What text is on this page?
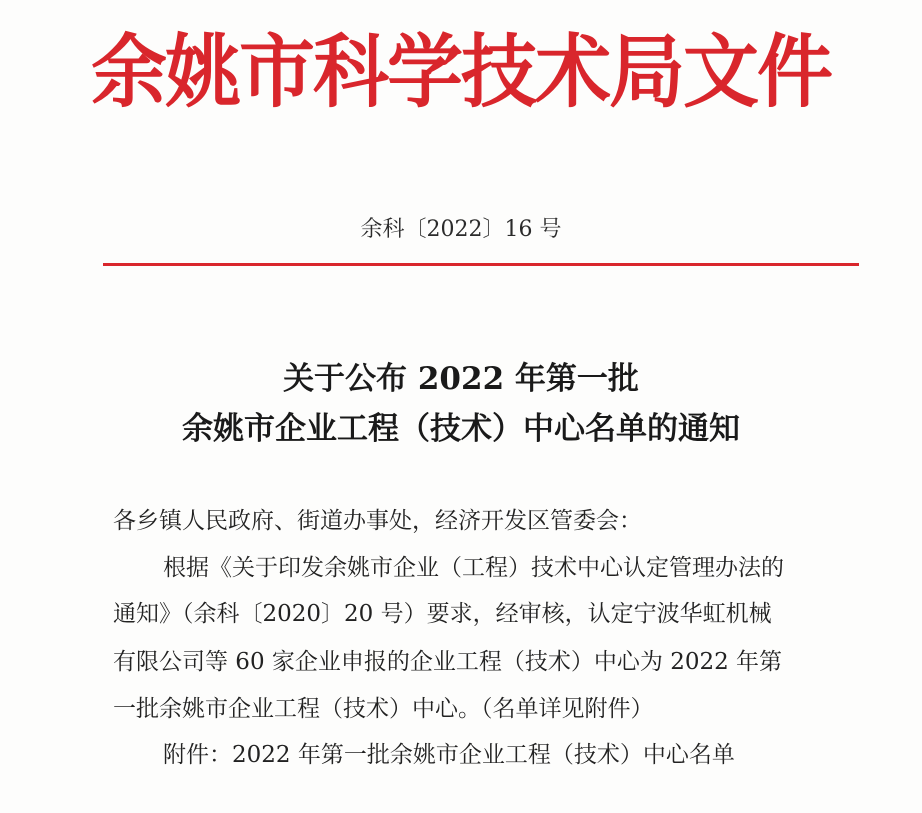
余姚市科学技术局文件
余科〔2022〕16 号
关于公布 2022 年第一批
余姚市企业工程（技术）中心名单的通知
各乡镇人民政府、街道办事处，经济开发区管委会：
根据《关于印发余姚市企业（工程）技术中心认定管理办法的
通知》（余科〔2020〕20 号）要求，经审核，认定宁波华虹机械
有限公司等 60 家企业申报的企业工程（技术）中心为 2022 年第
一批余姚市企业工程（技术）中心。（名单详见附件）
附件：2022 年第一批余姚市企业工程（技术）中心名单
